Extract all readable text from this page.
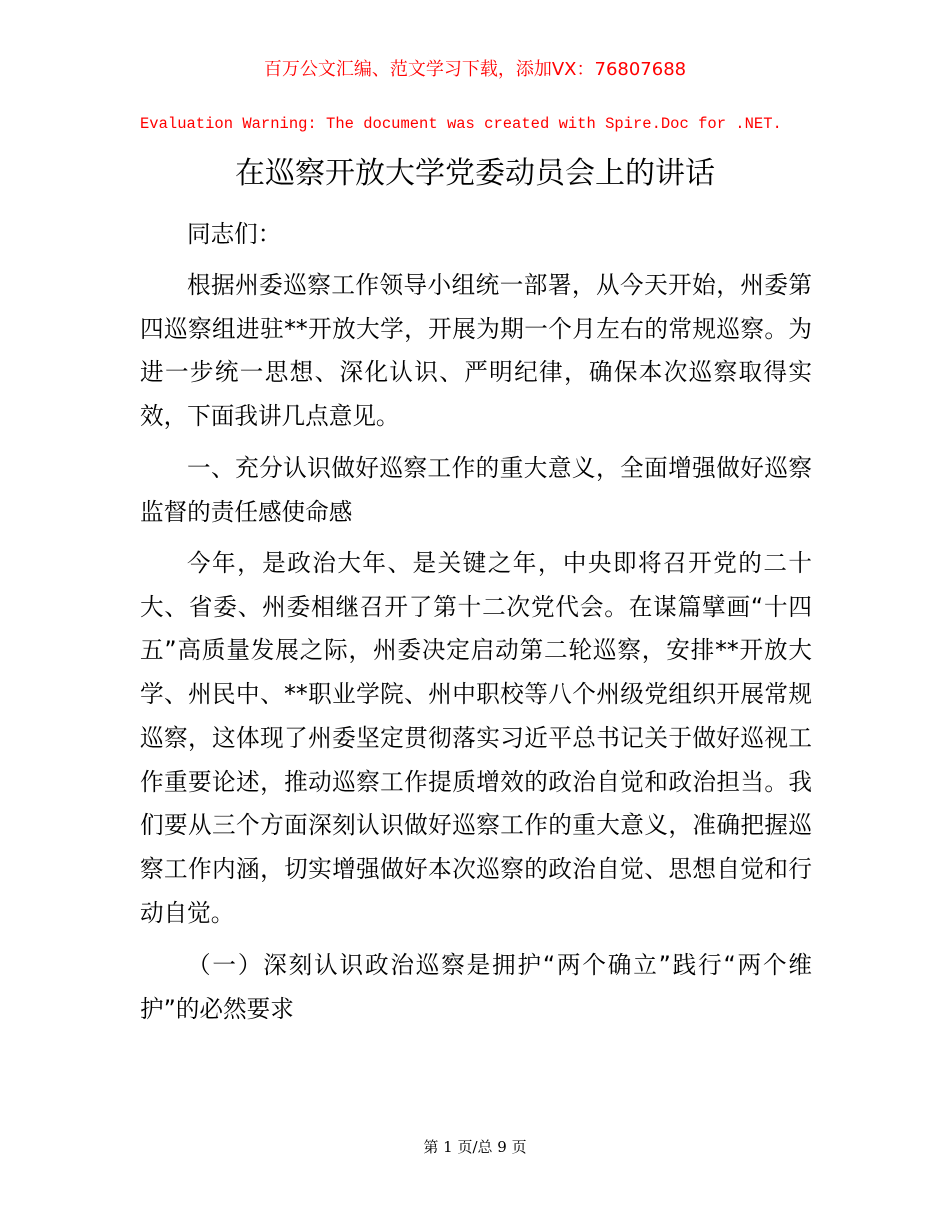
百万公文汇编、范文学习下载，添加VX：76807688
Evaluation Warning: The document was created with Spire.Doc for .NET.
在巡察开放大学党委动员会上的讲话

同志们：

根据州委巡察工作领导小组统一部署，从今天开始，州委第四巡察组进驻**开放大学，开展为期一个月左右的常规巡察。为进一步统一思想、深化认识、严明纪律，确保本次巡察取得实效，下面我讲几点意见。

一、充分认识做好巡察工作的重大意义，全面增强做好巡察监督的责任感使命感

今年，是政治大年、是关键之年，中央即将召开党的二十大、省委、州委相继召开了第十二次党代会。在谋篇擘画“十四五”高质量发展之际，州委决定启动第二轮巡察，安排**开放大学、州民中、**职业学院、州中职校等八个州级党组织开展常规巡察，这体现了州委坚定贯彻落实习近平总书记关于做好巡视工作重要论述，推动巡察工作提质增效的政治自觉和政治担当。我们要从三个方面深刻认识做好巡察工作的重大意义，准确把握巡察工作内涵，切实增强做好本次巡察的政治自觉、思想自觉和行动自觉。

（一）深刻认识政治巡察是拥护“两个确立”践行“两个维护”的必然要求

第 1 页/总 9 页
